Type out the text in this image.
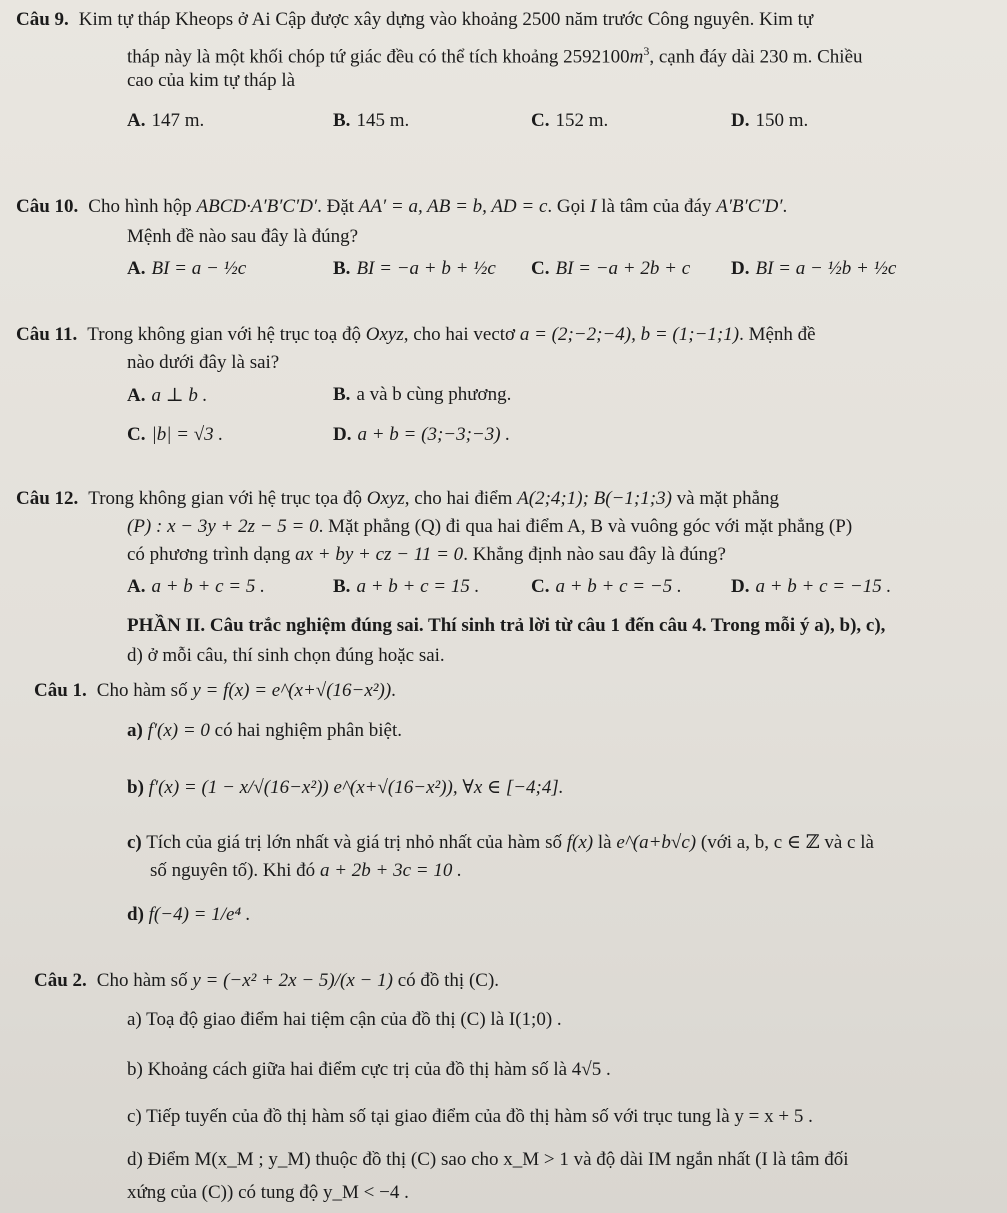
Câu 9. Kim tự tháp Kheops ở Ai Cập được xây dựng vào khoảng 2500 năm trước Công nguyên. Kim tự
tháp này là một khối chóp tứ giác đều có thể tích khoảng $2592100m^3$, cạnh đáy dài 230 m. Chiều
cao của kim tự tháp là
A. 147 m.	B. 145 m.	C. 152 m.	D. 150 m.
Câu 10. Cho hình hộp ABCD·A′B′C′D′. Đặt AA′ = a, AB = b, AD = c. Gọi I là tâm của đáy A′B′C′D′.
Mệnh đề nào sau đây là đúng?
A. BI = a − ½c	B. BI = −a + b + ½c C. BI = −a + 2b + c D. BI = a − ½b + ½c
Câu 11. Trong không gian với hệ trục toạ độ Oxyz, cho hai vectơ a = (2;−2;−4), b = (1;−1;1). Mệnh đề
nào dưới đây là sai?
A. a ⊥ b .	B. a và b cùng phương.
C. |b| = √3 .	D. a + b = (3;−3;−3) .
Câu 12. Trong không gian với hệ trục tọa độ Oxyz, cho hai điểm A(2;4;1); B(−1;1;3) và mặt phẳng
(P) : x − 3y + 2z − 5 = 0. Mặt phẳng (Q) đi qua hai điểm A, B và vuông góc với mặt phẳng (P)
có phương trình dạng ax + by + cz − 11 = 0. Khẳng định nào sau đây là đúng?
A. a + b + c = 5 .	B. a + b + c = 15 .	C. a + b + c = −5 .	D. a + b + c = −15 .
PHẦN II. Câu trắc nghiệm đúng sai. Thí sinh trả lời từ câu 1 đến câu 4. Trong mỗi ý a), b), c),
d) ở mỗi câu, thí sinh chọn đúng hoặc sai.
Câu 1. Cho hàm số y = f(x) = e^(x+√(16−x²)).
a) f′(x) = 0 có hai nghiệm phân biệt.
b) f′(x) = (1 − x/√(16−x²)) e^(x+√(16−x²)), ∀x ∈ [−4;4].
c) Tích của giá trị lớn nhất và giá trị nhỏ nhất của hàm số f(x) là e^(a+b√c) (với a, b, c ∈ ℤ và c là
số nguyên tố). Khi đó a + 2b + 3c = 10 .
d) f(−4) = 1/e⁴ .
Câu 2. Cho hàm số y = (−x² + 2x − 5)/(x − 1) có đồ thị (C).
a) Toạ độ giao điểm hai tiệm cận của đồ thị (C) là I(1;0) .
b) Khoảng cách giữa hai điểm cực trị của đồ thị hàm số là 4√5 .
c) Tiếp tuyến của đồ thị hàm số tại giao điểm của đồ thị hàm số với trục tung là y = x + 5 .
d) Điểm M(x_M ; y_M) thuộc đồ thị (C) sao cho x_M > 1 và độ dài IM ngắn nhất (I là tâm đối
xứng của (C)) có tung độ y_M < −4 .
